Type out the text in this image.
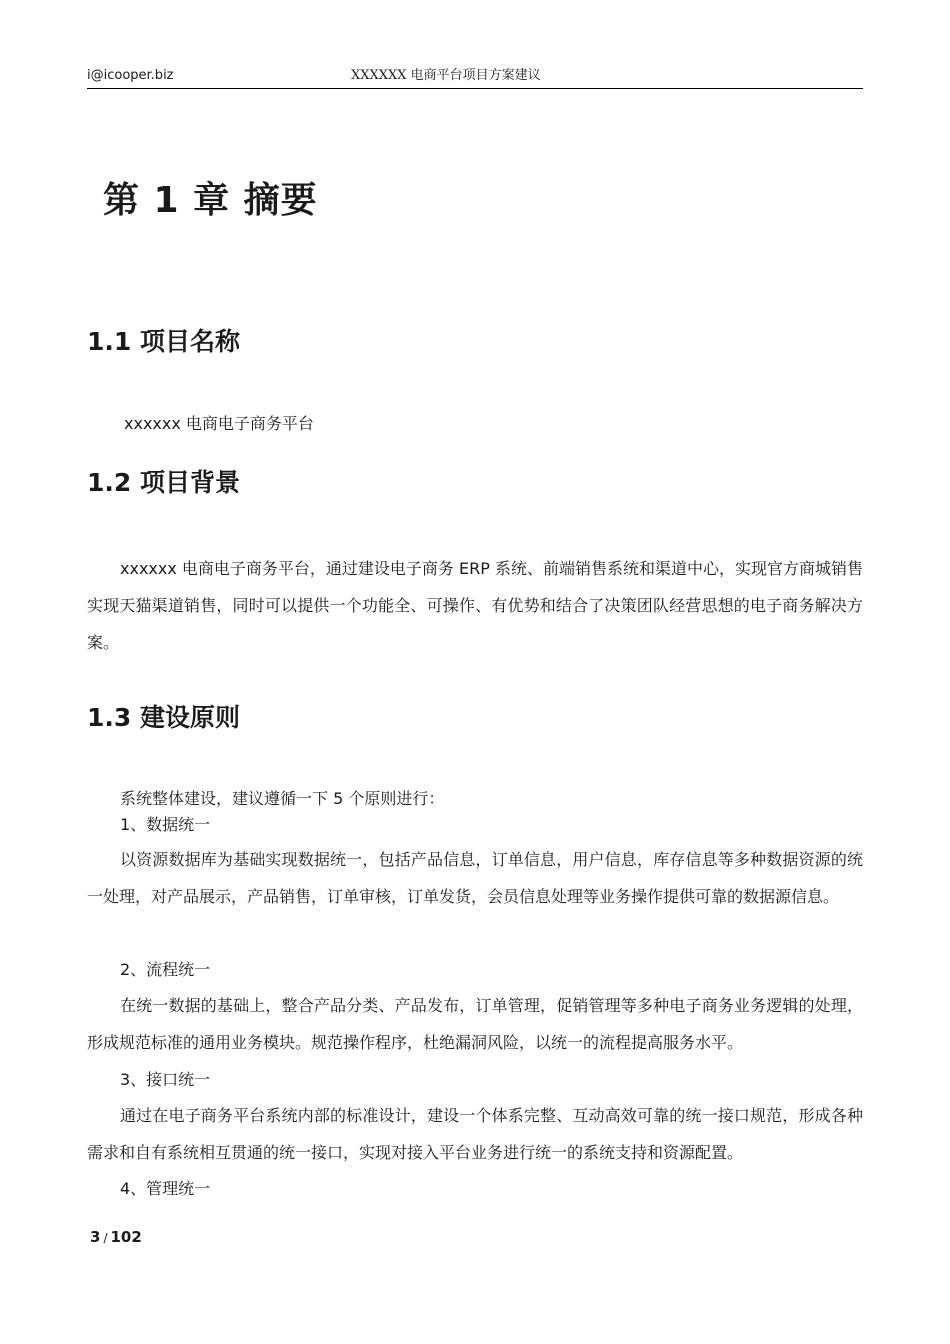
i@icooper.biz	XXXXXX 电商平台项目方案建议
第 1 章 摘要
1.1 项目名称

xxxxxx 电商电子商务平台

1.2 项目背景

xxxxxx 电商电子商务平台，通过建设电子商务 ERP 系统、前端销售系统和渠道中心，实现官方商城销售实现天猫渠道销售，同时可以提供一个功能全、可操作、有优势和结合了决策团队经营思想的电子商务解决方案。

1.3 建设原则

系统整体建设，建议遵循一下 5 个原则进行：

1、数据统一

以资源数据库为基础实现数据统一，包括产品信息，订单信息，用户信息，库存信息等多种数据资源的统一处理，对产品展示，产品销售，订单审核，订单发货，会员信息处理等业务操作提供可靠的数据源信息。

2、流程统一

在统一数据的基础上，整合产品分类、产品发布，订单管理，促销管理等多种电子商务业务逻辑的处理，形成规范标准的通用业务模块。规范操作程序，杜绝漏洞风险，以统一的流程提高服务水平。

3、接口统一

通过在电子商务平台系统内部的标准设计，建设一个体系完整、互动高效可靠的统一接口规范，形成各种需求和自有系统相互贯通的统一接口，实现对接入平台业务进行统一的系统支持和资源配置。

4、管理统一

3 / 102
